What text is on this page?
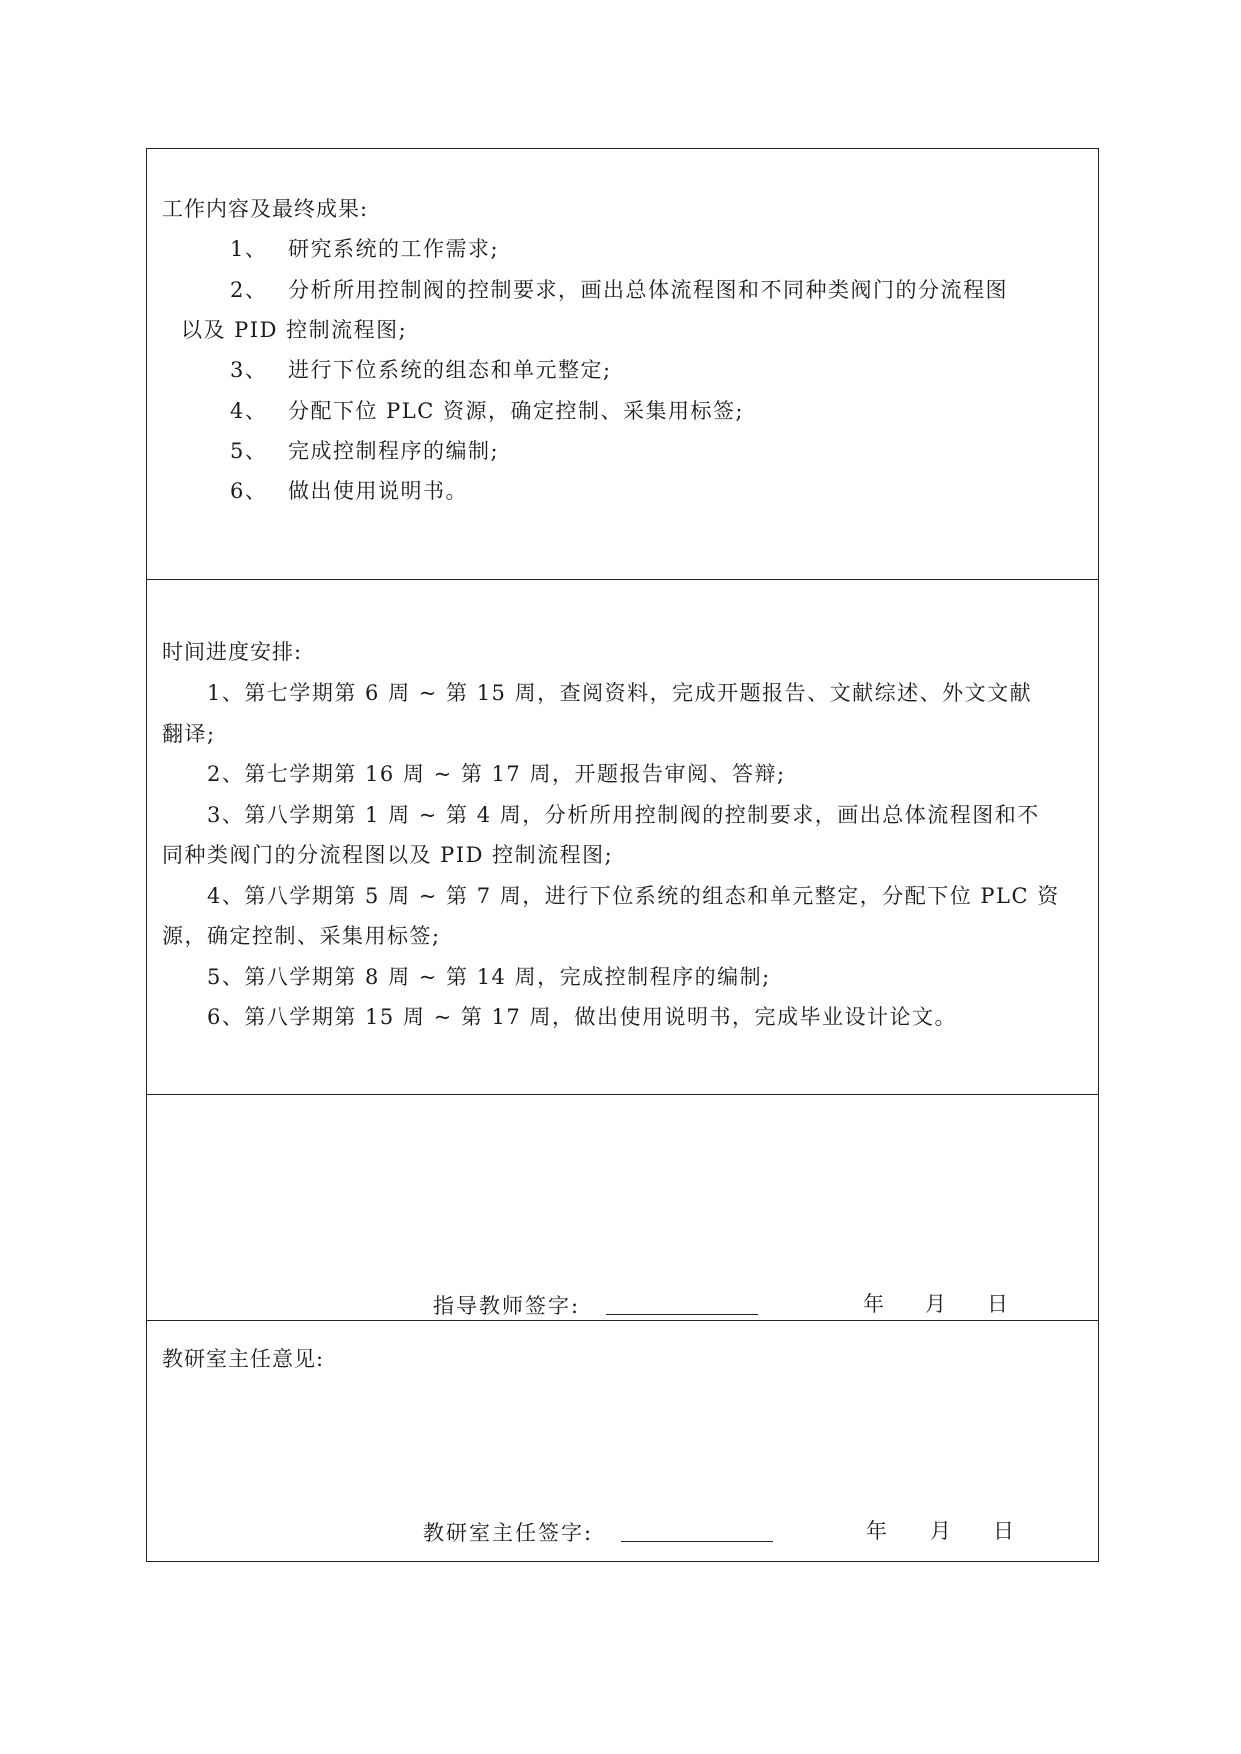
工作内容及最终成果:
1、 研究系统的工作需求;
2、 分析所用控制阀的控制要求，画出总体流程图和不同种类阀门的分流程图
以及 PID 控制流程图;
3、 进行下位系统的组态和单元整定;
4、 分配下位 PLC 资源，确定控制、采集用标签;
5、 完成控制程序的编制;
6、 做出使用说明书。
时间进度安排:
1、第七学期第 6 周 ~ 第 15 周，查阅资料，完成开题报告、文献综述、外文文献
翻译;
2、第七学期第 16 周 ~ 第 17 周，开题报告审阅、答辩;
3、第八学期第 1 周 ~ 第 4 周，分析所用控制阀的控制要求，画出总体流程图和不
同种类阀门的分流程图以及 PID 控制流程图;
4、第八学期第 5 周 ~ 第 7 周，进行下位系统的组态和单元整定，分配下位 PLC 资
源，确定控制、采集用标签;
5、第八学期第 8 周 ~ 第 14 周，完成控制程序的编制;
6、第八学期第 15 周 ~ 第 17 周，做出使用说明书，完成毕业设计论文。
指导教师签字:	年 月 日
教研室主任意见:
教研室主任签字:	年 月 日
